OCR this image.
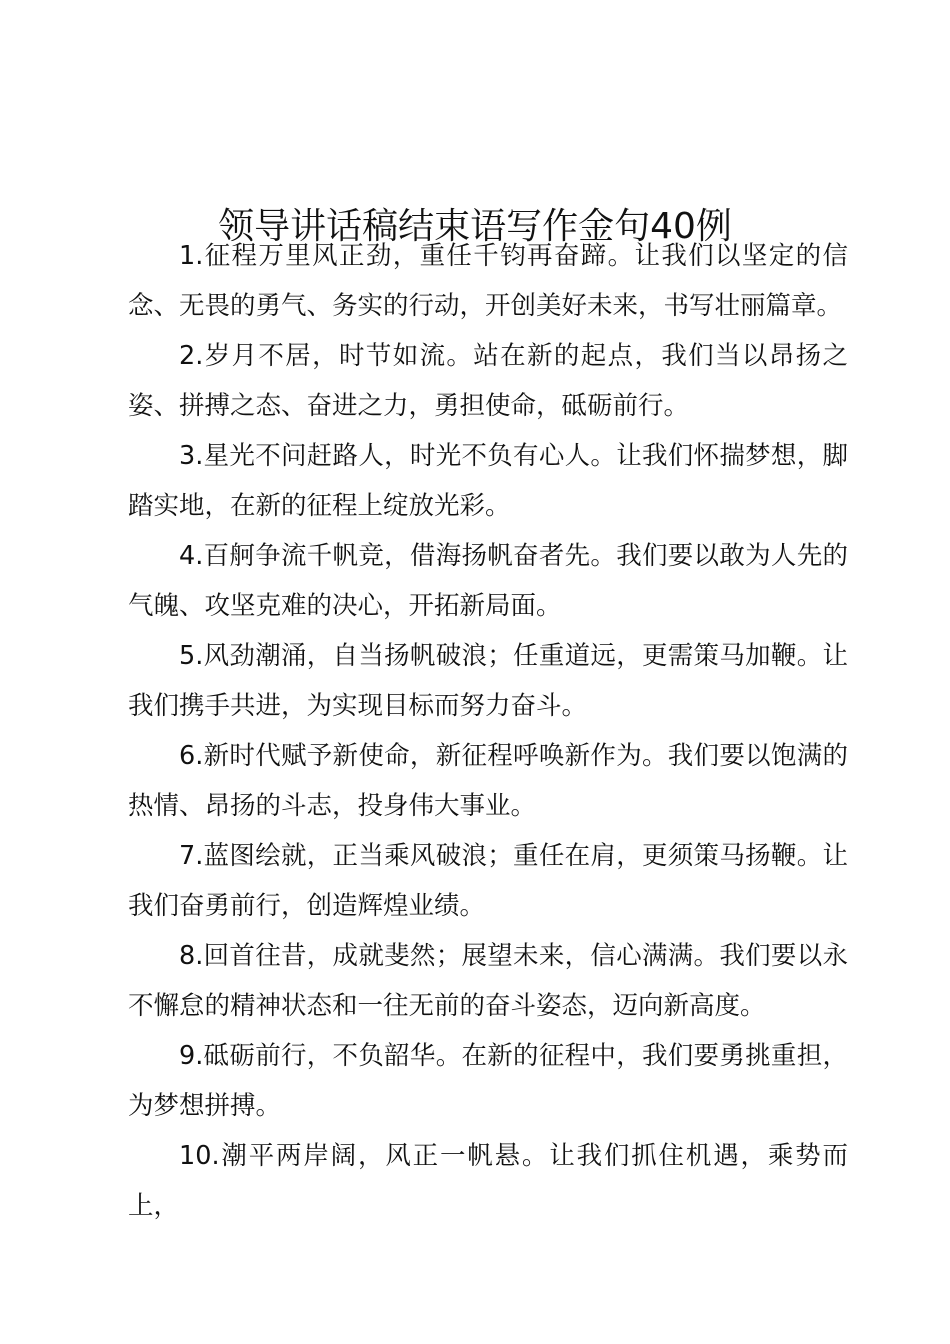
领导讲话稿结束语写作金句40例

1.征程万里风正劲，重任千钧再奋蹄。让我们以坚定的信念、无畏的勇气、务实的行动，开创美好未来，书写壮丽篇章。

2.岁月不居，时节如流。站在新的起点，我们当以昂扬之姿、拼搏之态、奋进之力，勇担使命，砥砺前行。

3.星光不问赶路人，时光不负有心人。让我们怀揣梦想，脚踏实地，在新的征程上绽放光彩。

4.百舸争流千帆竞，借海扬帆奋者先。我们要以敢为人先的气魄、攻坚克难的决心，开拓新局面。

5.风劲潮涌，自当扬帆破浪；任重道远，更需策马加鞭。让我们携手共进，为实现目标而努力奋斗。

6.新时代赋予新使命，新征程呼唤新作为。我们要以饱满的热情、昂扬的斗志，投身伟大事业。

7.蓝图绘就，正当乘风破浪；重任在肩，更须策马扬鞭。让我们奋勇前行，创造辉煌业绩。

8.回首往昔，成就斐然；展望未来，信心满满。我们要以永不懈怠的精神状态和一往无前的奋斗姿态，迈向新高度。

9.砥砺前行，不负韶华。在新的征程中，我们要勇挑重担，为梦想拼搏。

10.潮平两岸阔，风正一帆悬。让我们抓住机遇，乘势而上，
